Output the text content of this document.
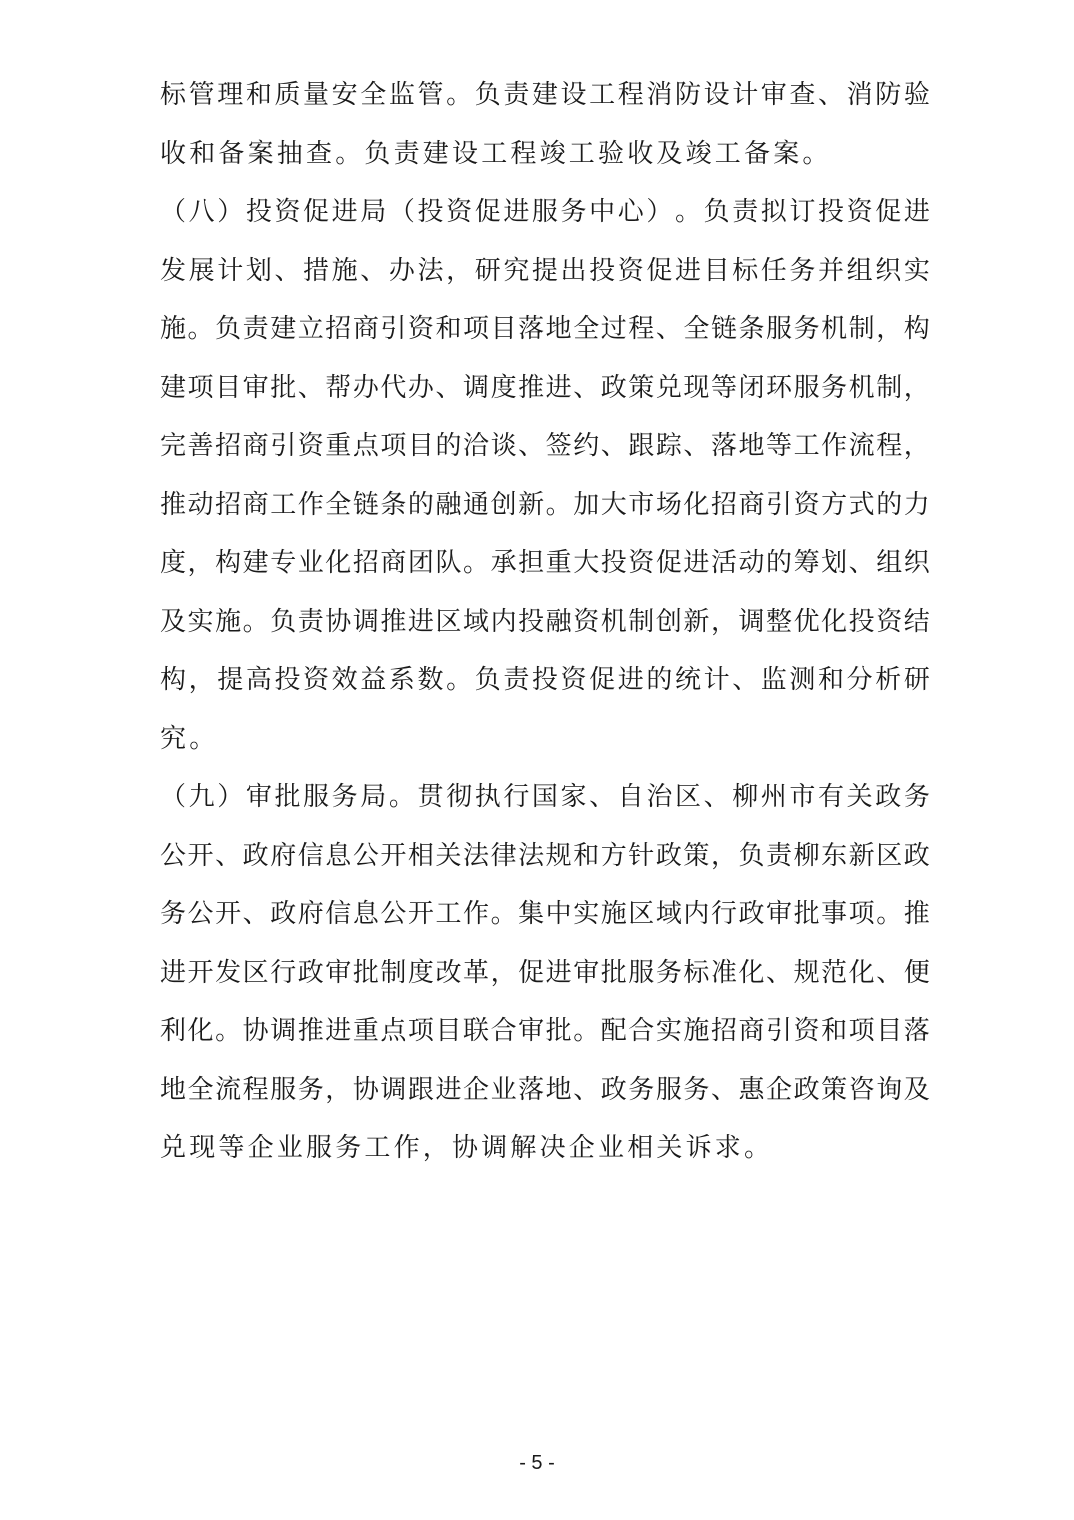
标 管 理 和 质 量 安 全 监 管 。 负 责 建 设 工 程 消 防 设 计 审 查 、 消 防 验
收和备案抽查。负责建设工程竣工验收及竣工备案。
（ 八 ） 投 资 促 进 局 （ 投 资 促 进 服 务 中 心 ） 。 负 责 拟 订 投 资 促 进
发 展 计 划 、 措 施 、 办 法 ， 研 究 提 出 投 资 促 进 目 标 任 务 并 组 织 实
施 。 负 责 建 立 招 商 引 资 和 项 目 落 地 全 过 程 、 全 链 条 服 务 机 制 ， 构
建 项 目 审 批 、 帮 办 代 办 、 调 度 推 进 、 政 策 兑 现 等 闭 环 服 务 机 制 ，
完 善 招 商 引 资 重 点 项 目 的 洽 谈 、 签 约 、 跟 踪 、 落 地 等 工 作 流 程 ，
推 动 招 商 工 作 全 链 条 的 融 通 创 新 。 加 大 市 场 化 招 商 引 资 方 式 的 力
度 ， 构 建 专 业 化 招 商 团 队 。 承 担 重 大 投 资 促 进 活 动 的 筹 划 、 组 织
及 实 施 。 负 责 协 调 推 进 区 域 内 投 融 资 机 制 创 新 ， 调 整 优 化 投 资 结
构 ， 提 高 投 资 效 益 系 数 。 负 责 投 资 促 进 的 统 计 、 监 测 和 分 析 研
究。
（ 九 ） 审 批 服 务 局 。 贯 彻 执 行 国 家 、 自 治 区 、 柳 州 市 有 关 政 务
公 开 、 政 府 信 息 公 开 相 关 法 律 法 规 和 方 针 政 策 ， 负 责 柳 东 新 区 政
务 公 开 、 政 府 信 息 公 开 工 作 。 集 中 实 施 区 域 内 行 政 审 批 事 项 。 推
进 开 发 区 行 政 审 批 制 度 改 革 ， 促 进 审 批 服 务 标 准 化 、 规 范 化 、 便
利 化 。 协 调 推 进 重 点 项 目 联 合 审 批 。 配 合 实 施 招 商 引 资 和 项 目 落
地 全 流 程 服 务 ， 协 调 跟 进 企 业 落 地 、 政 务 服 务 、 惠 企 政 策 咨 询 及
兑现等企业服务工作，协调解决企业相关诉求。
- 5 -
